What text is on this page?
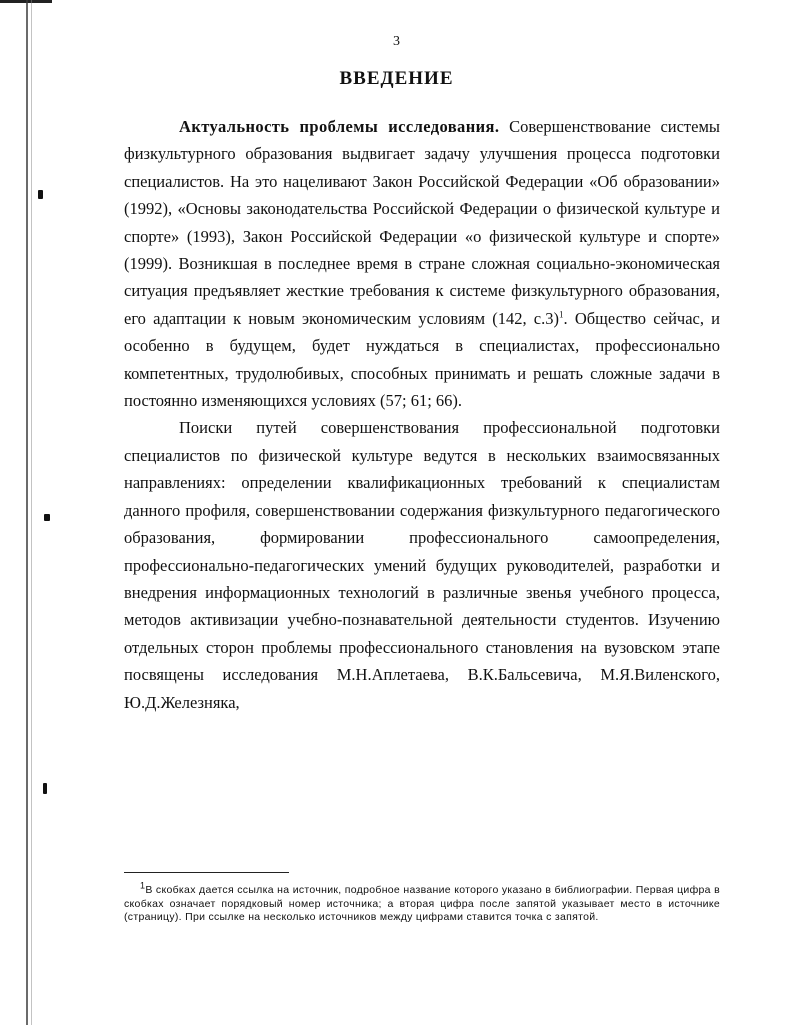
3
ВВЕДЕНИЕ

Актуальность проблемы исследования. Совершенствование системы физкультурного образования выдвигает задачу улучшения процесса подготовки специалистов. На это нацеливают Закон Российской Федерации «Об образовании» (1992), «Основы законодательства Российской Федерации о физической культуре и спорте» (1993), Закон Российской Федерации «о физической культуре и спорте» (1999). Возникшая в последнее время в стране сложная социально-экономическая ситуация предъявляет жесткие требования к системе физкультурного образования, его адаптации к новым экономическим условиям (142, с.3)$^1$. Общество сейчас, и особенно в будущем, будет нуждаться в специалистах, профессионально компетентных, трудолюбивых, способных принимать и решать сложные задачи в постоянно изменяющихся условиях (57; 61; 66).

Поиски путей совершенствования профессиональной подготовки специалистов по физической культуре ведутся в нескольких взаимосвязанных направлениях: определении квалификационных требований к специалистам данного профиля, совершенствовании содержания физкультурного педагогического образования, формировании профессионального самоопределения, профессионально-педагогических умений будущих руководителей, разработки и внедрения информационных технологий в различные звенья учебного процесса, методов активизации учебно-познавательной деятельности студентов. Изучению отдельных сторон проблемы профессионального становления на вузовском этапе посвящены исследования М.Н.Аплетаева, В.К.Бальсевича, М.Я.Виленского, Ю.Д.Железняка,

$^1$В скобках дается ссылка на источник, подробное название которого указано в библиографии. Первая цифра в скобках означает порядковый номер источника; а вторая цифра после запятой указывает место в источнике (страницу). При ссылке на несколько источников между цифрами ставится точка с запятой.
